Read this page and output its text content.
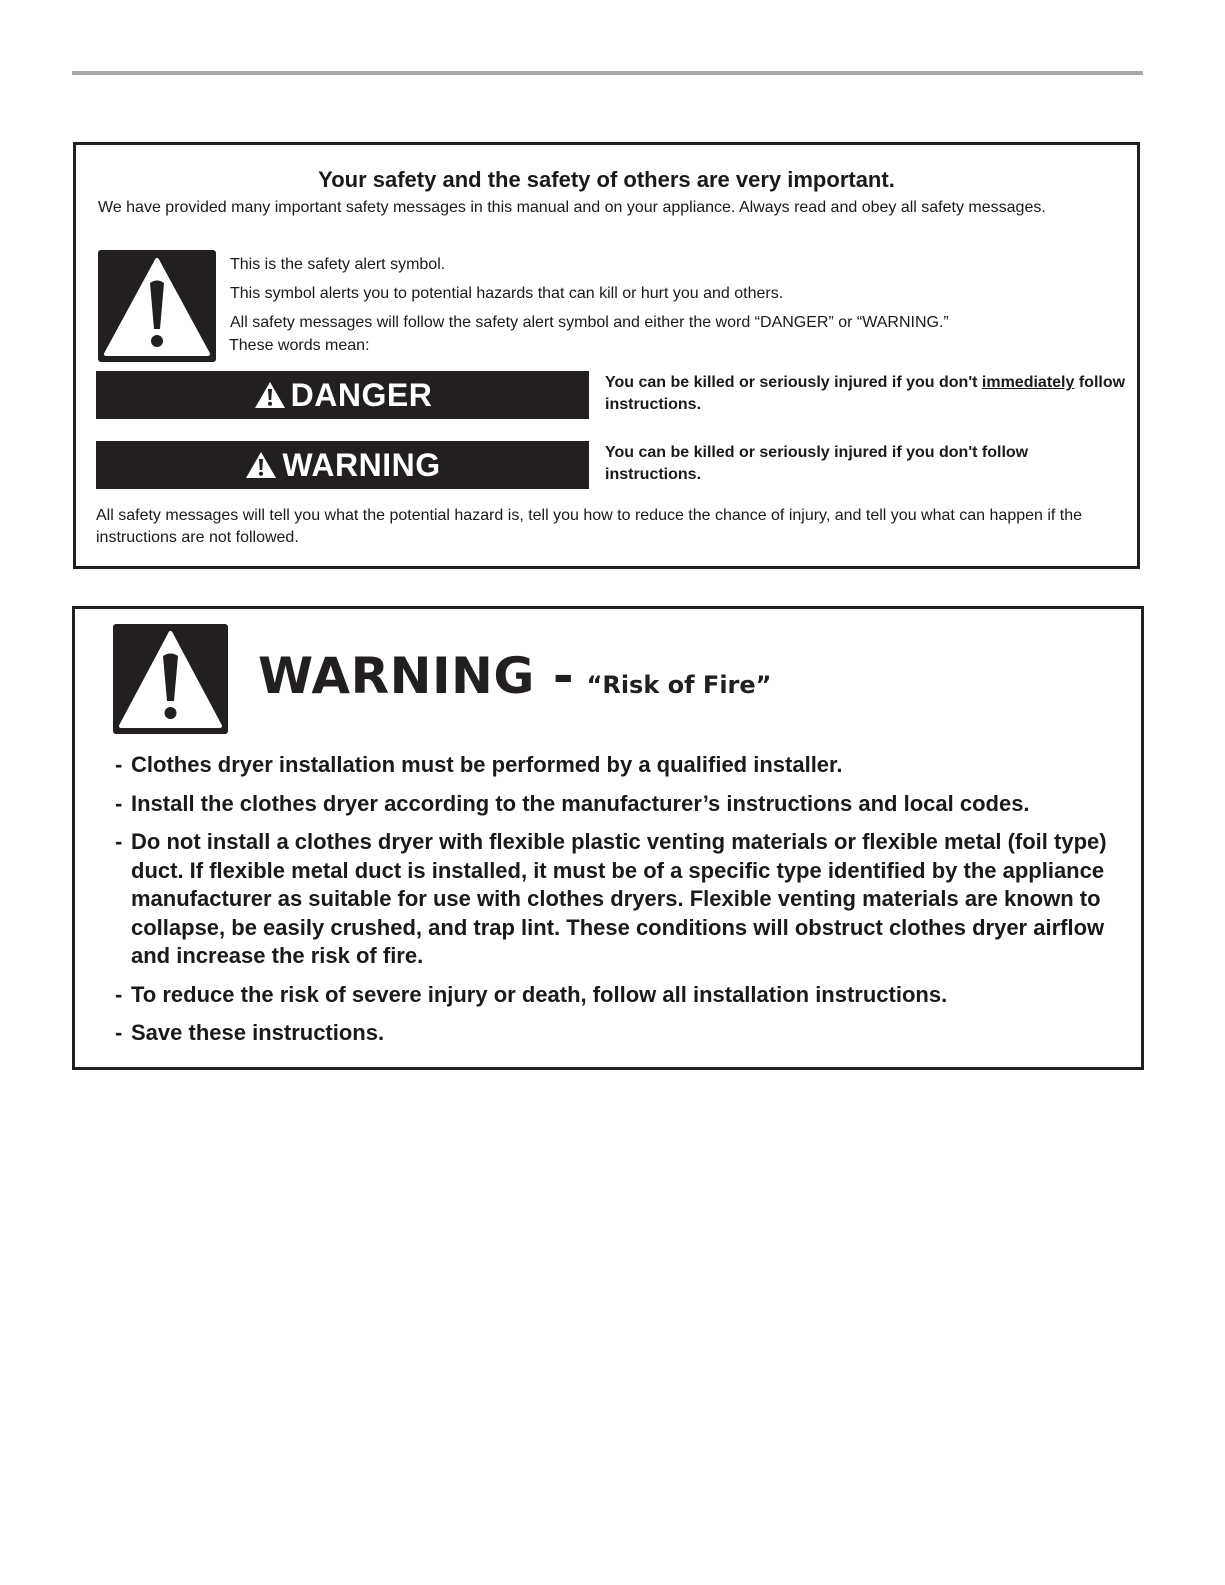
Your safety and the safety of others are very important.
We have provided many important safety messages in this manual and on your appliance. Always read and obey all safety messages.
This is the safety alert symbol.
This symbol alerts you to potential hazards that can kill or hurt you and others.
All safety messages will follow the safety alert symbol and either the word “DANGER” or “WARNING.”
These words mean:
DANGER	You can be killed or seriously injured if you don't immediately follow instructions.
WARNING	You can be killed or seriously injured if you don't follow instructions.
All safety messages will tell you what the potential hazard is, tell you how to reduce the chance of injury, and tell you what can happen if the instructions are not followed.
WARNING - “Risk of Fire”
- Clothes dryer installation must be performed by a qualified installer.
- Install the clothes dryer according to the manufacturer’s instructions and local codes.
- Do not install a clothes dryer with flexible plastic venting materials or flexible metal (foil type) duct. If flexible metal duct is installed, it must be of a specific type identified by the appliance manufacturer as suitable for use with clothes dryers. Flexible venting materials are known to collapse, be easily crushed, and trap lint. These conditions will obstruct clothes dryer airflow and increase the risk of fire.
- To reduce the risk of severe injury or death, follow all installation instructions.
- Save these instructions.
